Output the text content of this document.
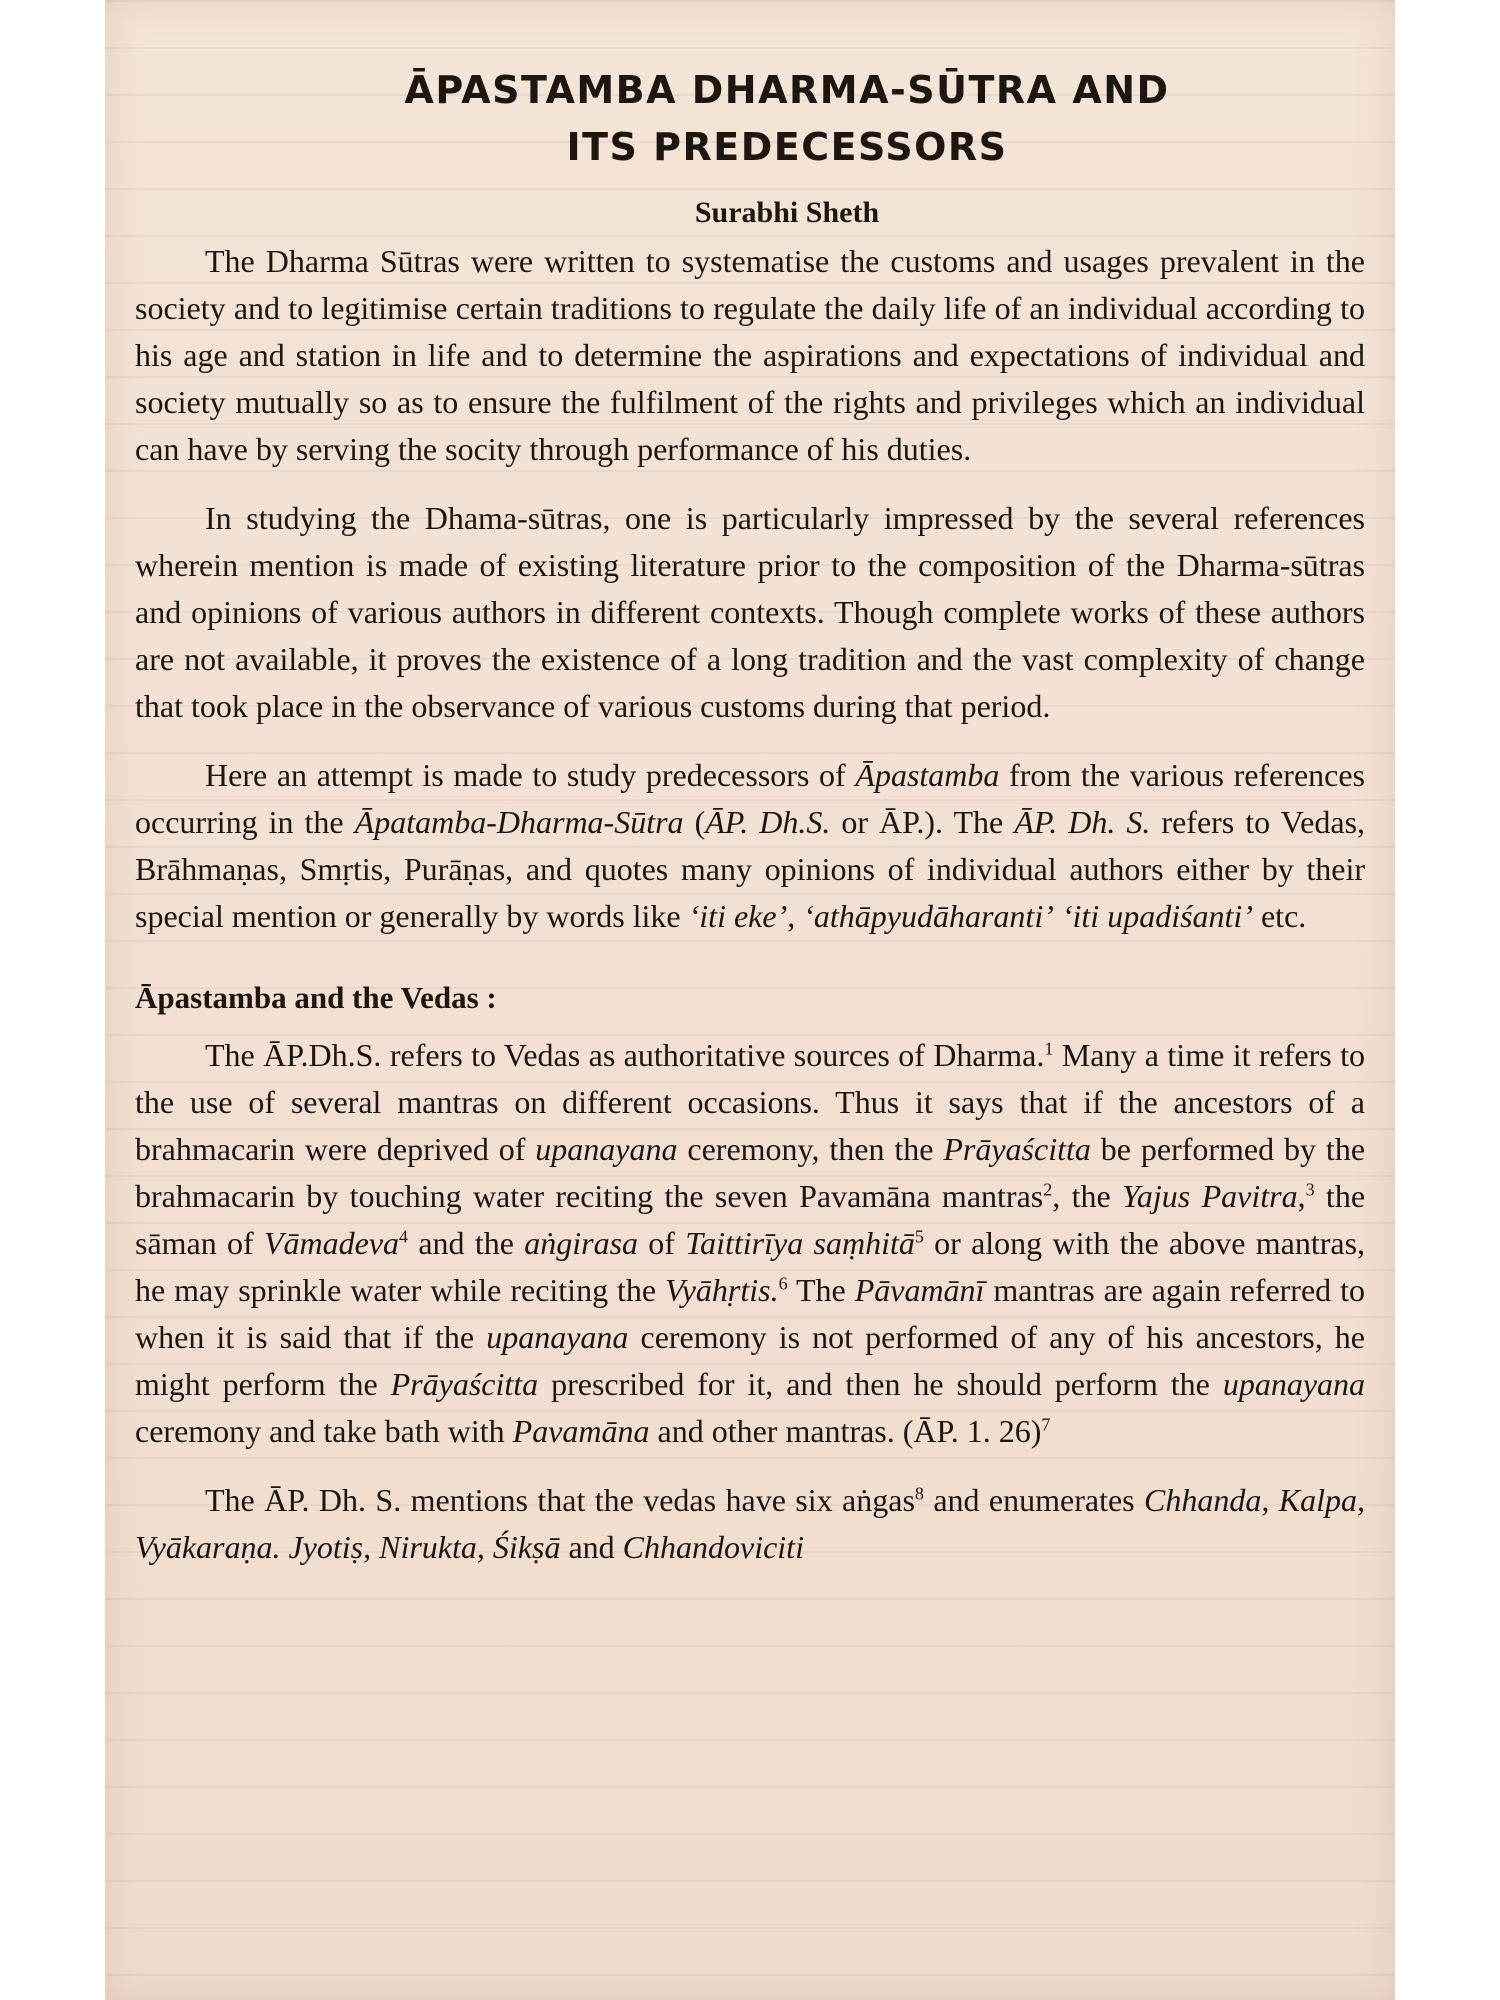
ĀPASTAMBA DHARMA-SŪTRA AND
ITS PREDECESSORS
Surabhi Sheth

The Dharma Sūtras were written to systematise the customs and usages prevalent in the society and to legitimise certain traditions to regulate the daily life of an individual according to his age and station in life and to determine the aspirations and expectations of individual and society mutually so as to ensure the fulfilment of the rights and privileges which an individual can have by serving the socity through performance of his duties.

In studying the Dhama-sūtras, one is particularly impressed by the several references wherein mention is made of existing literature prior to the composition of the Dharma-sūtras and opinions of various authors in different contexts. Though complete works of these authors are not available, it proves the existence of a long tradition and the vast complexity of change that took place in the observance of various customs during that period.

Here an attempt is made to study predecessors of Āpastamba from the various references occurring in the Āpatamba-Dharma-Sūtra (ĀP. Dh.S. or ĀP.). The ĀP. Dh. S. refers to Vedas, Brāhmaṇas, Smṛtis, Purāṇas, and quotes many opinions of individual authors either by their special mention or generally by words like ‘iti eke’, ‘athāpyudāharanti’ ‘iti upadiśanti’ etc.

Āpastamba and the Vedas :

The ĀP.Dh.S. refers to Vedas as authoritative sources of Dharma.$^1$ Many a time it refers to the use of several mantras on different occasions. Thus it says that if the ancestors of a brahmacarin were deprived of upanayana ceremony, then the Prāyaścitta be performed by the brahmacarin by touching water reciting the seven Pavamāna mantras$^2$, the Yajus Pavitra,$^3$ the sāman of Vāmadeva$^4$ and the aṅgirasa of Taittirīya saṃhitā$^5$ or along with the above mantras, he may sprinkle water while reciting the Vyāhṛtis.$^6$ The Pāvamānī mantras are again referred to when it is said that if the upanayana ceremony is not performed of any of his ancestors, he might perform the Prāyaścitta prescribed for it, and then he should perform the upanayana ceremony and take bath with Pavamāna and other mantras. (ĀP. 1. 26)$^7$

The ĀP. Dh. S. mentions that the vedas have six aṅgas$^8$ and enumerates Chhanda, Kalpa, Vyākaraṇa. Jyotiṣ, Nirukta, Śikṣā and Chhandoviciti
